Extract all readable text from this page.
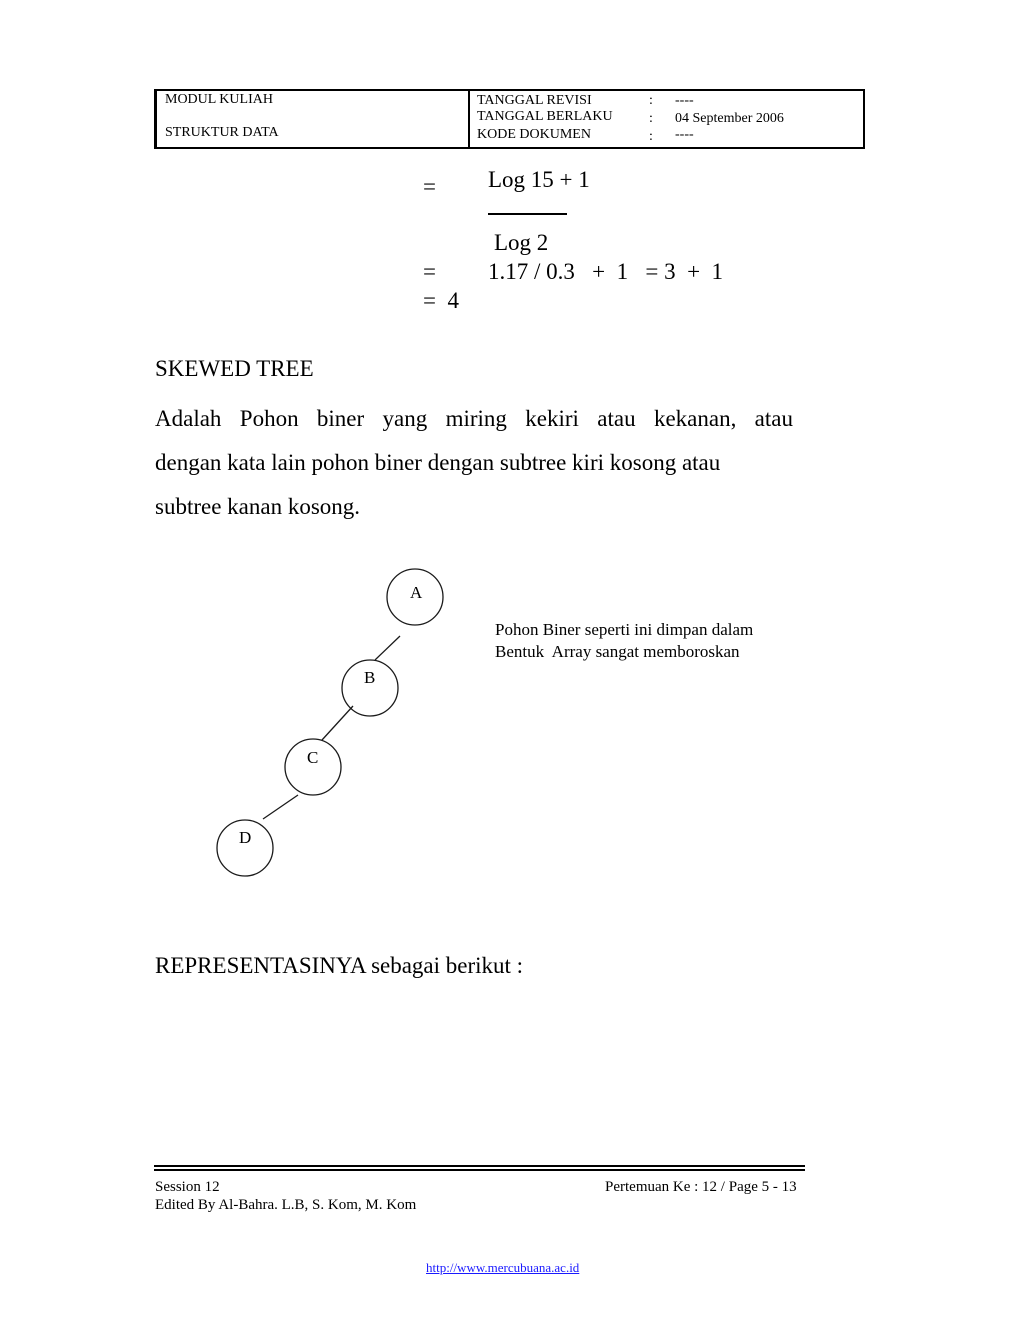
MODUL KULIAH
STRUKTUR DATA
TANGGAL REVISI	: ----
TANGGAL BERLAKU	: 04 September 2006
KODE DOKUMEN	: ----
= Log 15 + 1
Log 2
= 1.17 / 0.3   +  1   = 3  +  1
=  4
SKEWED TREE
Adalah Pohon biner yang miring kekiri atau kekanan, atau
dengan kata lain pohon biner dengan subtree kiri kosong atau
subtree kanan kosong.
A
B
C
D
Pohon Biner seperti ini dimpan dalam
Bentuk  Array sangat memboroskan
REPRESENTASINYA sebagai berikut :
Session 12
Edited By Al-Bahra. L.B, S. Kom, M. Kom
Pertemuan Ke : 12 / Page 5 - 13
http://www.mercubuana.ac.id
